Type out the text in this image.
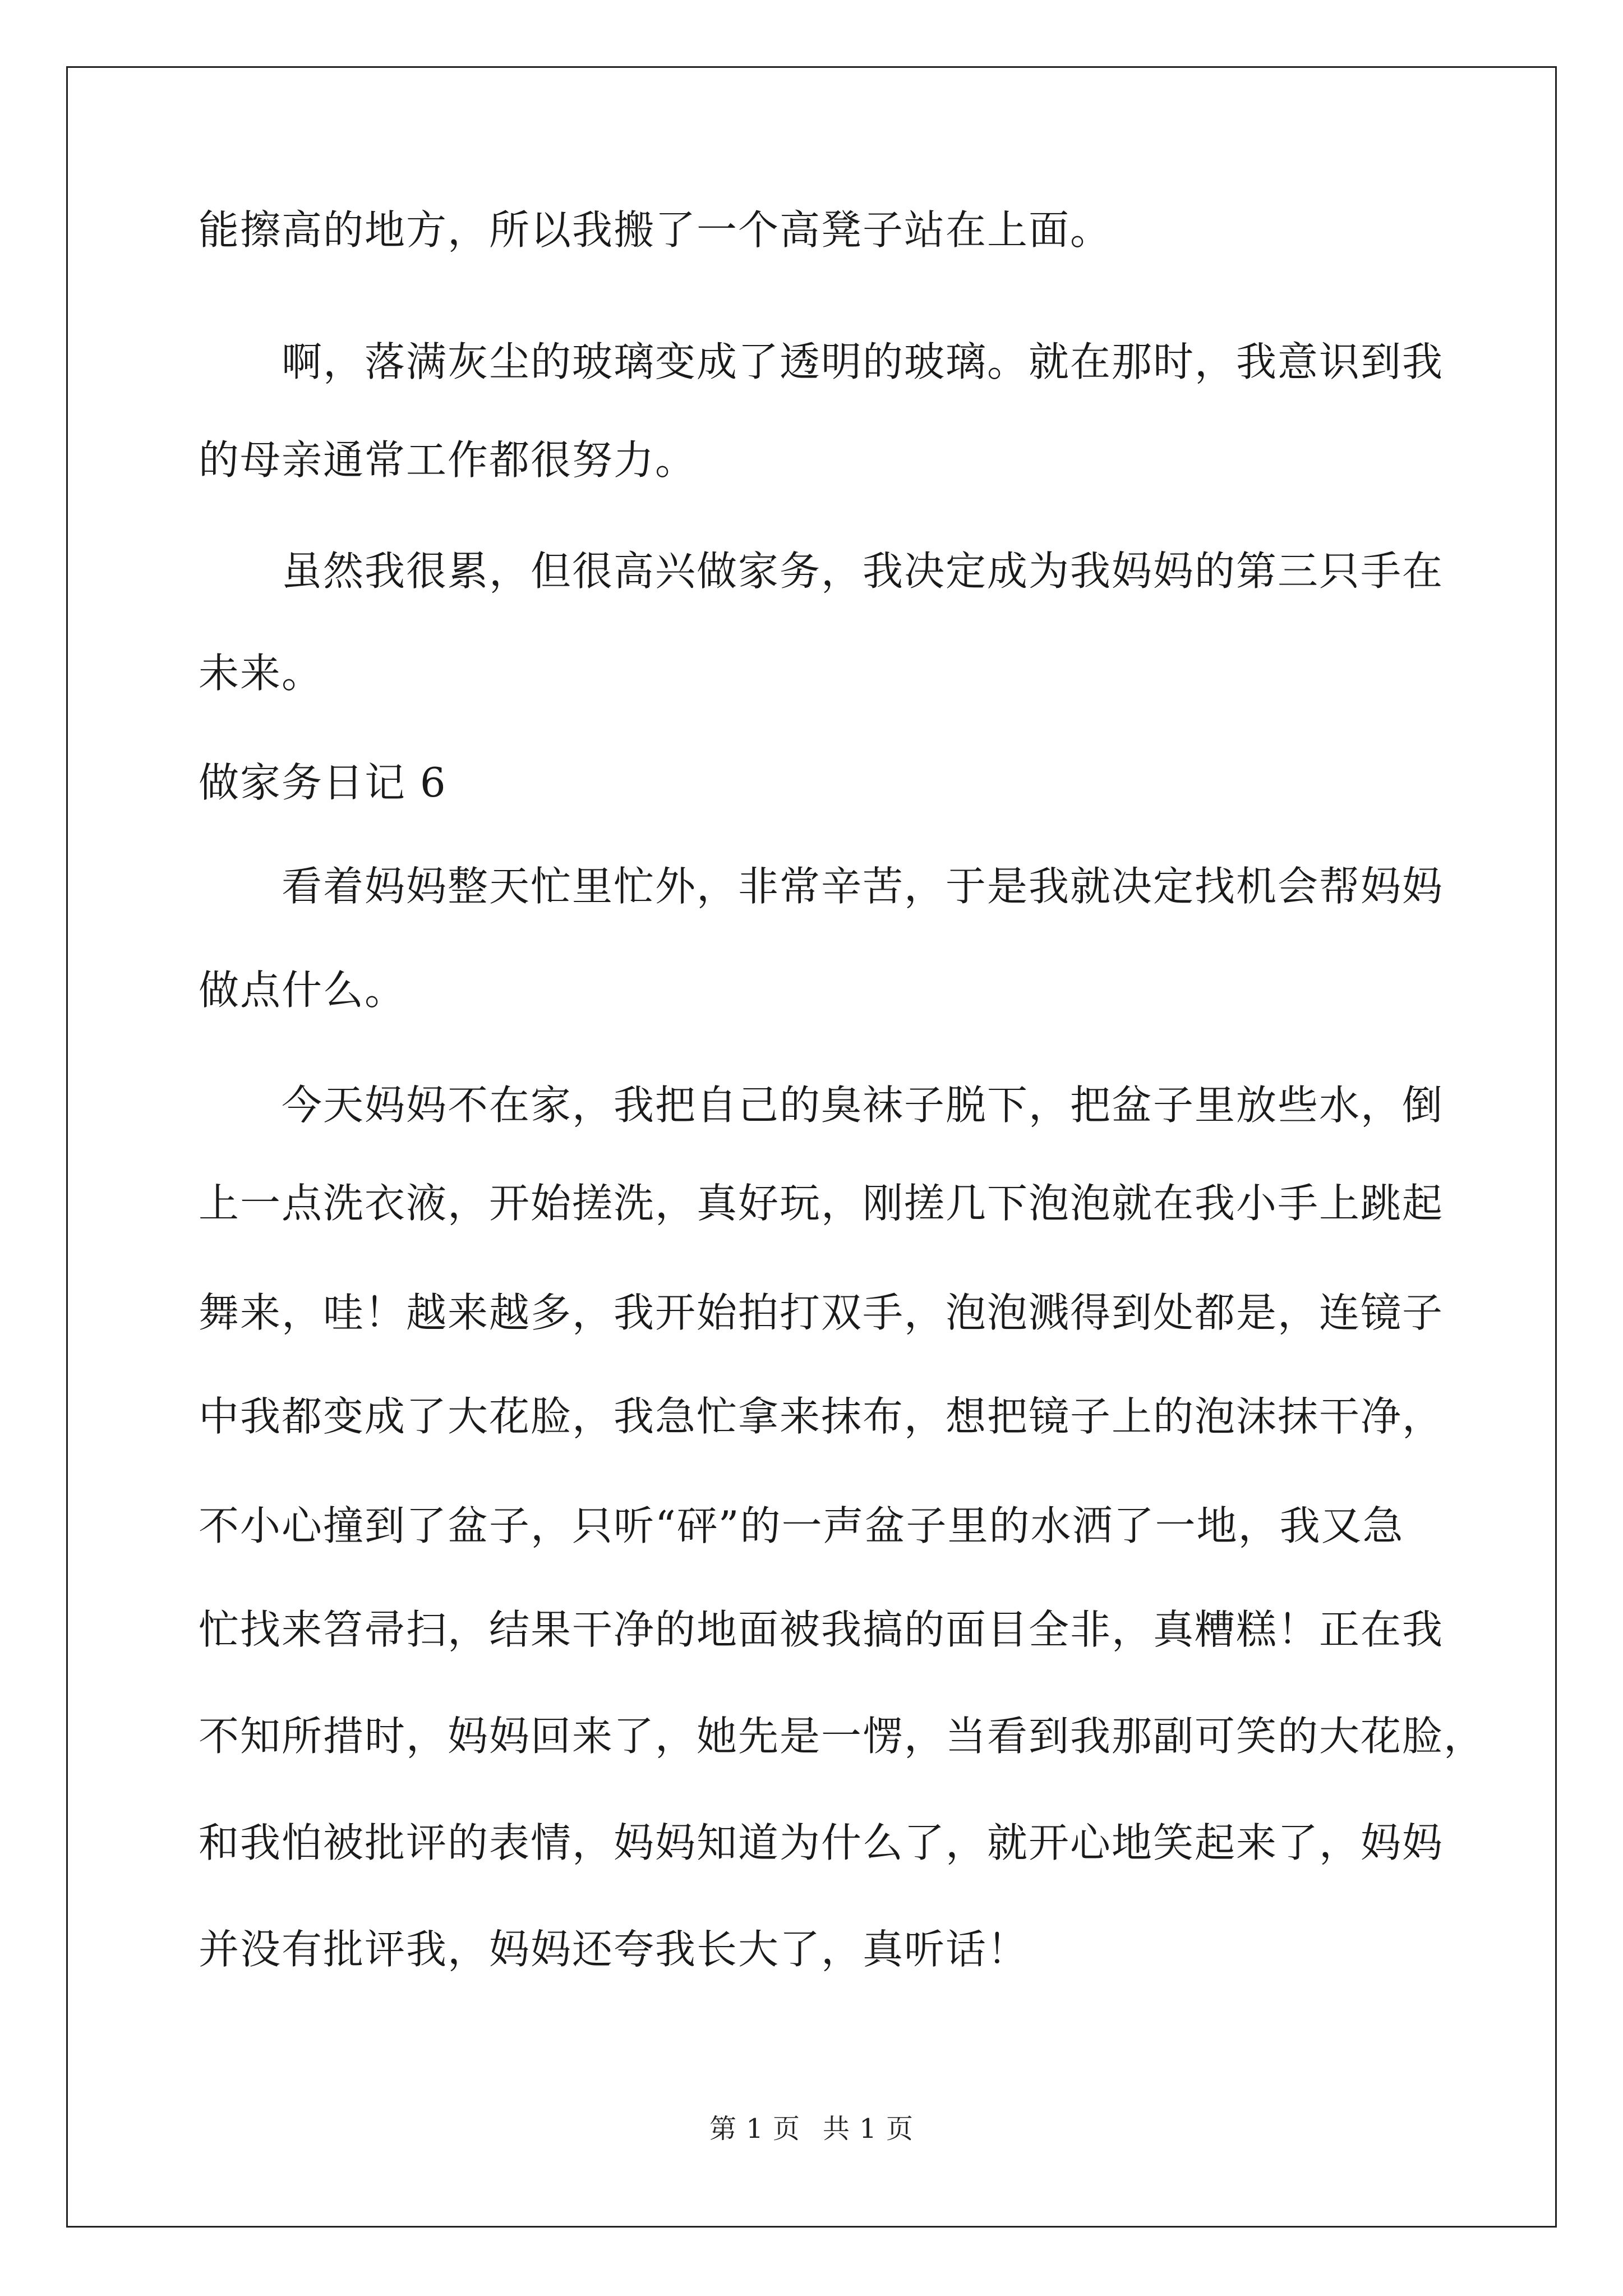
能擦高的地方，所以我搬了一个高凳子站在上面。
啊，落满灰尘的玻璃变成了透明的玻璃。就在那时，我意识到我
的母亲通常工作都很努力。
虽然我很累，但很高兴做家务，我决定成为我妈妈的第三只手在
未来。
做家务日记 6
看着妈妈整天忙里忙外，非常辛苦，于是我就决定找机会帮妈妈
做点什么。
今天妈妈不在家，我把自己的臭袜子脱下，把盆子里放些水，倒
上一点洗衣液，开始搓洗，真好玩，刚搓几下泡泡就在我小手上跳起
舞来，哇！越来越多，我开始拍打双手，泡泡溅得到处都是，连镜子
中我都变成了大花脸，我急忙拿来抹布，想把镜子上的泡沫抹干净，
不小心撞到了盆子，只听“砰”的一声盆子里的水洒了一地，我又急
忙找来笤帚扫，结果干净的地面被我搞的面目全非，真糟糕！正在我
不知所措时，妈妈回来了，她先是一愣，当看到我那副可笑的大花脸，
和我怕被批评的表情，妈妈知道为什么了，就开心地笑起来了，妈妈
并没有批评我，妈妈还夸我长大了，真听话！
第 1 页 共 1 页
